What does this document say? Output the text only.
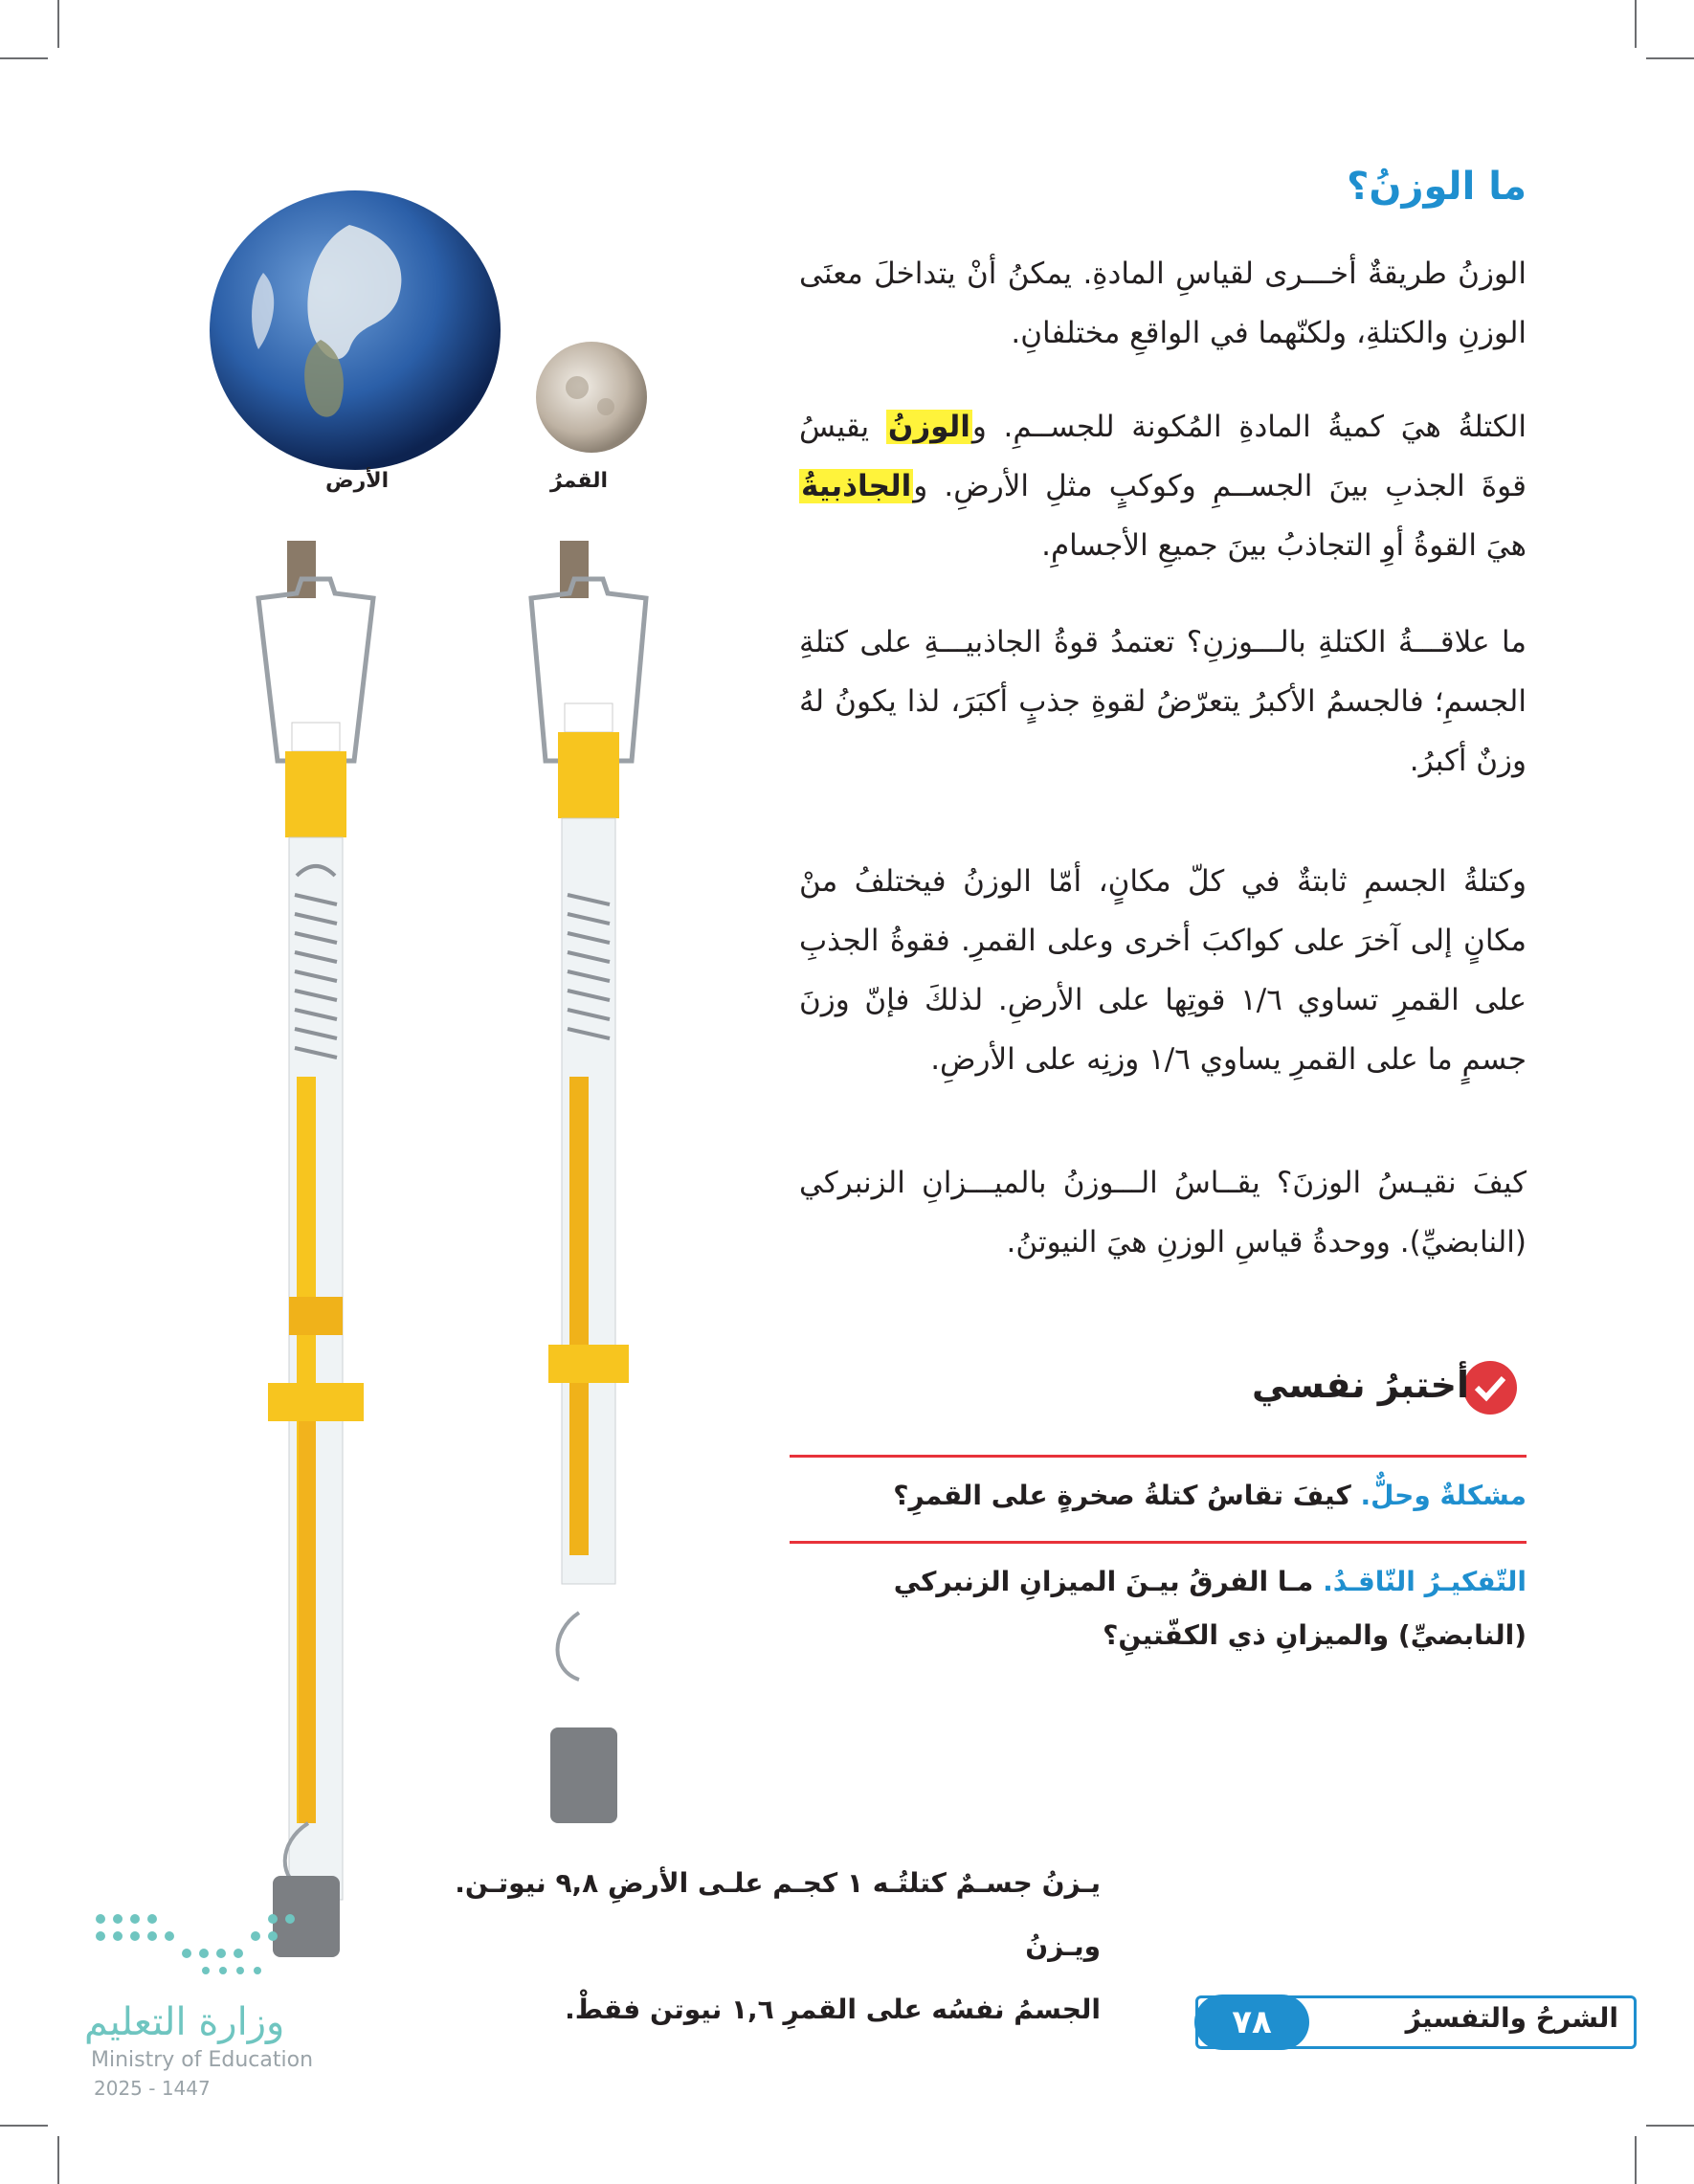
ما الوزنُ؟

الوزنُ طريقةٌ أخـــرى لقياسِ المادةِ. يمكنُ أنْ يتداخلَ معنَى الوزنِ والكتلةِ، ولكنّهما في الواقعِ مختلفانِ.

الكتلةُ هيَ كميةُ المادةِ المُكونة للجســمِ. والوزنُ يقيسُ قوةَ الجذبِ بينَ الجســمِ وكوكبٍ مثلِ الأرضِ. والجاذبيةُ هيَ القوةُ أوِ التجاذبُ بينَ جميعِ الأجسامِ.

ما علاقـــةُ الكتلةِ بالـــوزنِ؟ تعتمدُ قوةُ الجاذبيـــةِ على كتلةِ الجسمِ؛ فالجسمُ الأكبرُ يتعرّضُ لقوةِ جذبٍ أكبَرَ، لذا يكونُ لهُ وزنٌ أكبرُ.

وكتلةُ الجسمِ ثابتةٌ في كلّ مكانٍ، أمّا الوزنُ فيختلفُ منْ مكانٍ إلى آخرَ على كواكبَ أخرى وعلى القمرِ. فقوةُ الجذبِ على القمرِ تساوي ١/٦ قوتِها على الأرضِ. لذلكَ فإنّ وزنَ جسمٍ ما على القمرِ يساوي ١/٦ وزنِه على الأرضِ.

كيفَ نقيـسُ الوزنَ؟ يقــاسُ الـــوزنُ بالميـــزانِ الزنبركي (النابضيِّ). ووحدةُ قياسِ الوزنِ هيَ النيوتنُ.

الأرض	القمرُ
أختبرُ نفسي
مشكلةٌ وحلٌّ. كيفَ تقاسُ كتلةُ صخرةٍ على القمرِ؟
التّفكيـرُ النّاقـدُ. مـا الفرقُ بيـنَ الميزانِ الزنبركي (النابضيِّ) والميزانِ ذي الكفّتينِ؟
يـزنُ جسـمٌ كتلتُـه ١ كجـم علـى الأرضِ ٩,٨ نيوتـن. ويـزنُ
الجسمُ نفسُه على القمرِ ١,٦ نيوتن فقطْ.
وزارة التعليم
Ministry of Education
2025 - 1447
الشرحُ والتفسيرُ
٧٨
